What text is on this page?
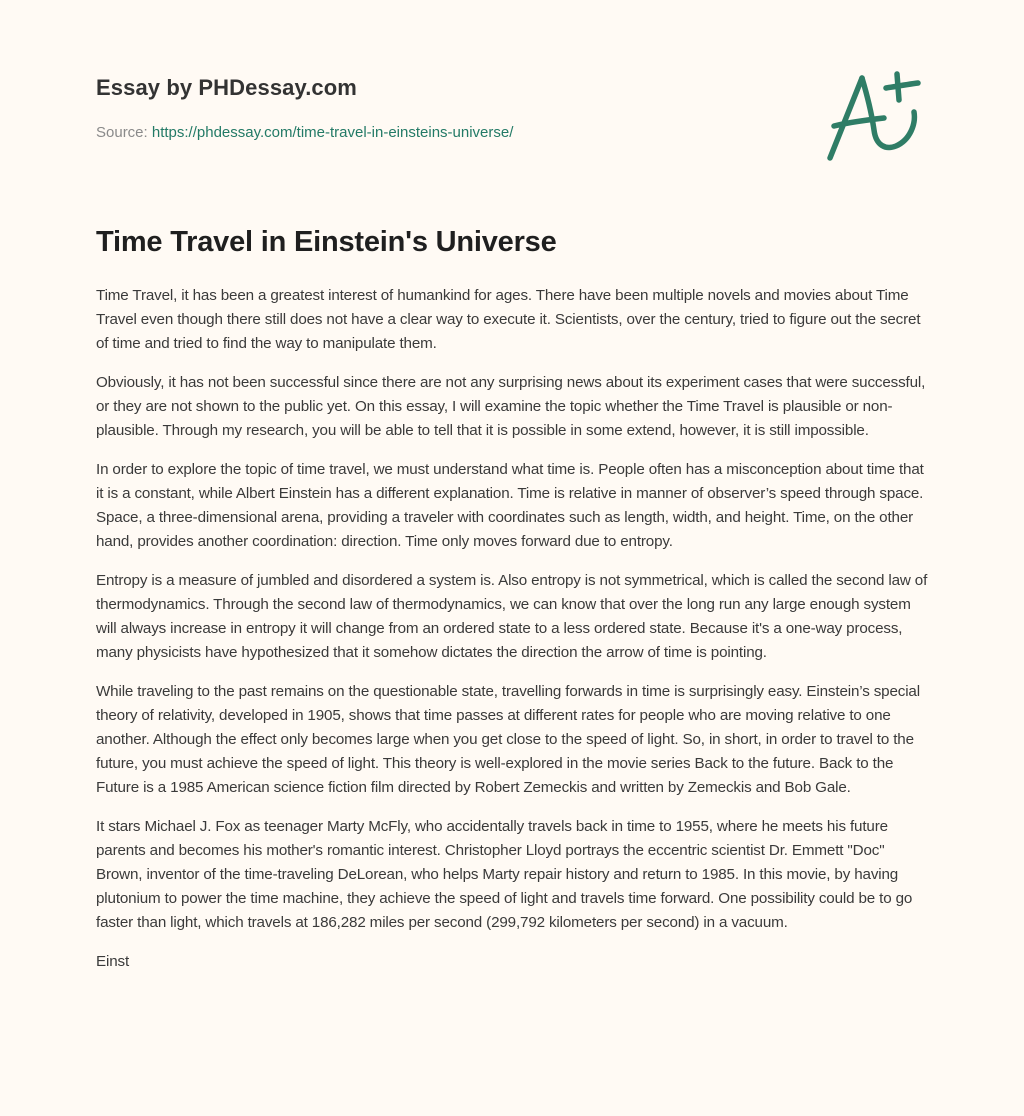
Essay by PHDessay.com
Source: https://phdessay.com/time-travel-in-einsteins-universe/
Time Travel in Einstein's Universe

Time Travel, it has been a greatest interest of humankind for ages. There have been multiple novels and movies about Time Travel even though there still does not have a clear way to execute it. Scientists, over the century, tried to figure out the secret of time and tried to find the way to manipulate them.

Obviously, it has not been successful since there are not any surprising news about its experiment cases that were successful, or they are not shown to the public yet. On this essay, I will examine the topic whether the Time Travel is plausible or non-plausible. Through my research, you will be able to tell that it is possible in some extend, however, it is still impossible.

In order to explore the topic of time travel, we must understand what time is. People often has a misconception about time that it is a constant, while Albert Einstein has a different explanation. Time is relative in manner of observer’s speed through space. Space, a three-dimensional arena, providing a traveler with coordinates such as length, width, and height. Time, on the other hand, provides another coordination: direction. Time only moves forward due to entropy.

Entropy is a measure of jumbled and disordered a system is. Also entropy is not symmetrical, which is called the second law of thermodynamics. Through the second law of thermodynamics, we can know that over the long run any large enough system will always increase in entropy it will change from an ordered state to a less ordered state. Because it's a one-way process, many physicists have hypothesized that it somehow dictates the direction the arrow of time is pointing.

While traveling to the past remains on the questionable state, travelling forwards in time is surprisingly easy. Einstein’s special theory of relativity, developed in 1905, shows that time passes at different rates for people who are moving relative to one another. Although the effect only becomes large when you get close to the speed of light. So, in short, in order to travel to the future, you must achieve the speed of light. This theory is well-explored in the movie series Back to the future. Back to the Future is a 1985 American science fiction film directed by Robert Zemeckis and written by Zemeckis and Bob Gale.

It stars Michael J. Fox as teenager Marty McFly, who accidentally travels back in time to 1955, where he meets his future parents and becomes his mother's romantic interest. Christopher Lloyd portrays the eccentric scientist Dr. Emmett "Doc" Brown, inventor of the time-traveling DeLorean, who helps Marty repair history and return to 1985. In this movie, by having plutonium to power the time machine, they achieve the speed of light and travels time forward. One possibility could be to go faster than light, which travels at 186,282 miles per second (299,792 kilometers per second) in a vacuum.

Einst
